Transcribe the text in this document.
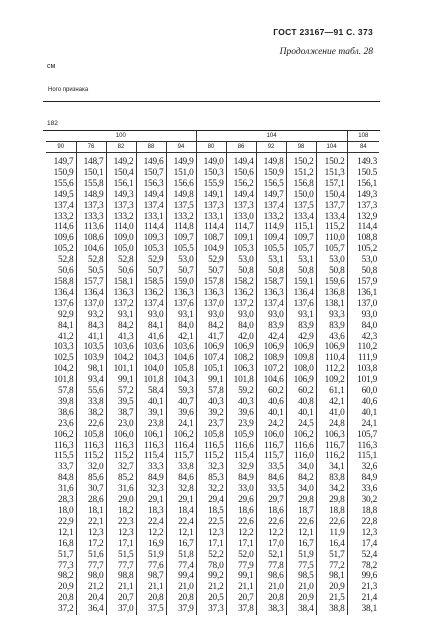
ГОСТ 23167—91 С. 373
Продолжение табл. 28
см
Ного признака
182
100					104					108
90	76	82	88	94	80	86	92	98	104	84
149,7	148,7	149,2	149,6	149,9	149,0	149,4	149,8	150,2	150.2	149.3
150,9	150,1	150,4	150,7	151,0	150,3	150,6	150,9	151,2	151,3	150.5
155,6	155,8	156,1	156,3	156,6	155,9	156,2	156,5	156,8	157,1	156,1
149,5	148,9	149,3	149,4	149,8	149,1	149,4	149,7	150,0	150,4	149,3
137,4	137,3	137,3	137,4	137,5	137,3	137,3	137,4	137,5	137,7	137,3
133,2	133,3	133,2	133,1	133,2	133,1	133,0	133,2	133,4	133,4	132,9
114,6	113,6	114,0	114,4	114,8	114,4	114,7	114,9	115,1	115,2	114,4
109,6	108,6	109,0	109,3	109,7	108,7	109,1	109,4	109,7	110,0	108,8
105,2	104,6	105,0	105,3	105,5	104,9	105,3	105,5	105,7	105,7	105,2
52,8	52,8	52,8	52,9	53,0	52,9	53,0	53,1	53,1	53,0	53,0
50,6	50,5	50,6	50,7	50,7	50,7	50,8	50,8	50,8	50,8	50,8
158,8	157,7	158,1	158,5	159,0	157,8	158,2	158,7	159,1	159,6	157,9
136,4	136,4	136,3	136,2	136,3	136,3	136,2	136,3	136,4	136,8	136,1
137,6	137,0	137,2	137,4	137,6	137,0	137,2	137,4	137,6	138,1	137,0
92,9	93,2	93,1	93,0	93,1	93,0	93,0	93,0	93,1	93,3	93,0
84,1	84,3	84,2	84,1	84,0	84,2	84,0	83,9	83,9	83,9	84,0
41,2	41,1	41,3	41,6	42,1	41,7	42,0	42,4	42,9	43,6	42,3
103,3	103,5	103,6	103,6	103,6	106,9	106,9	106,9	106,9	106,9	110,2
102,5	103,9	104,2	104,3	104,6	107,4	108,2	108,9	109,8	110,4	111,9
104,2	98,1	101,1	104,0	105,8	105,1	106,3	107,2	108,0	112,2	103,8
101,8	93,4	99,1	101,8	104,3	99,1	101,8	104,6	106,9	109,2	101,9
57,8	55,6	57,2	58,4	59,3	57,8	59,2	60,2	60,2	61,1	60,0
39,8	33,8	39,5	40,1	40,7	40,3	40,3	40,6	40,8	42,1	40,6
38,6	38,2	38,7	39,1	39,6	39,2	39,6	40,1	40,1	41,0	40,1
23,6	22,6	23,0	23,8	24,1	23,7	23,9	24,2	24,5	24,8	24,1
106,2	105,8	106,0	106,1	106,2	105,8	105,9	106,0	106,2	106,3	105,7
116,3	116,3	116,3	116,3	116,4	116,5	116,6	116,7	116,6	116,7	116,3
115,5	115,2	115,2	115,4	115,7	115,2	115,4	115,7	116,0	116,2	115,1
33,7	32,0	32,7	33,3	33,8	32,3	32,9	33,5	34,0	34,1	32,6
84,8	85,6	85,2	84,9	84,6	85,3	84,9	84,6	84,2	83,8	84,9
31,6	30,7	31,6	32,3	32,8	32,2	33,0	33,5	34,0	34,2	33,6
28,3	28,6	29,0	29,1	29,1	29,4	29,6	29,7	29,8	29,8	30,2
18,0	18,1	18,2	18,3	18,4	18,5	18,6	18,6	18,7	18,8	18,8
22,9	22,1	22,3	22,4	22,4	22,5	22,6	22,6	22,6	22,6	22,8
12,1	12,3	12,3	12,2	12,1	12,3	12,2	12,2	12,1	11,9	12,3
16,8	17,2	17,1	16,9	16,7	17,1	17,1	17,0	16,7	16,4	17,4
51,7	51,6	51,5	51,9	51,8	52,2	52,0	52,1	51,9	51,7	52,4
77,3	77,7	77,7	77,6	77,4	78,0	77,9	77,8	77,5	77,2	78,2
98,2	98,0	98,8	98,7	99,4	99,2	99,1	98,6	98,5	98,1	99,6
20,9	21,2	21,1	21,1	21,0	21,2	21,1	21,0	21,0	20,9	21,3
20,8	20,4	20,7	20,8	20,8	20,5	20,7	20,8	20,9	21,5	21,4
37,2	36,4	37,0	37,5	37,9	37,3	37,8	38,3	38,4	38,8	38,1
